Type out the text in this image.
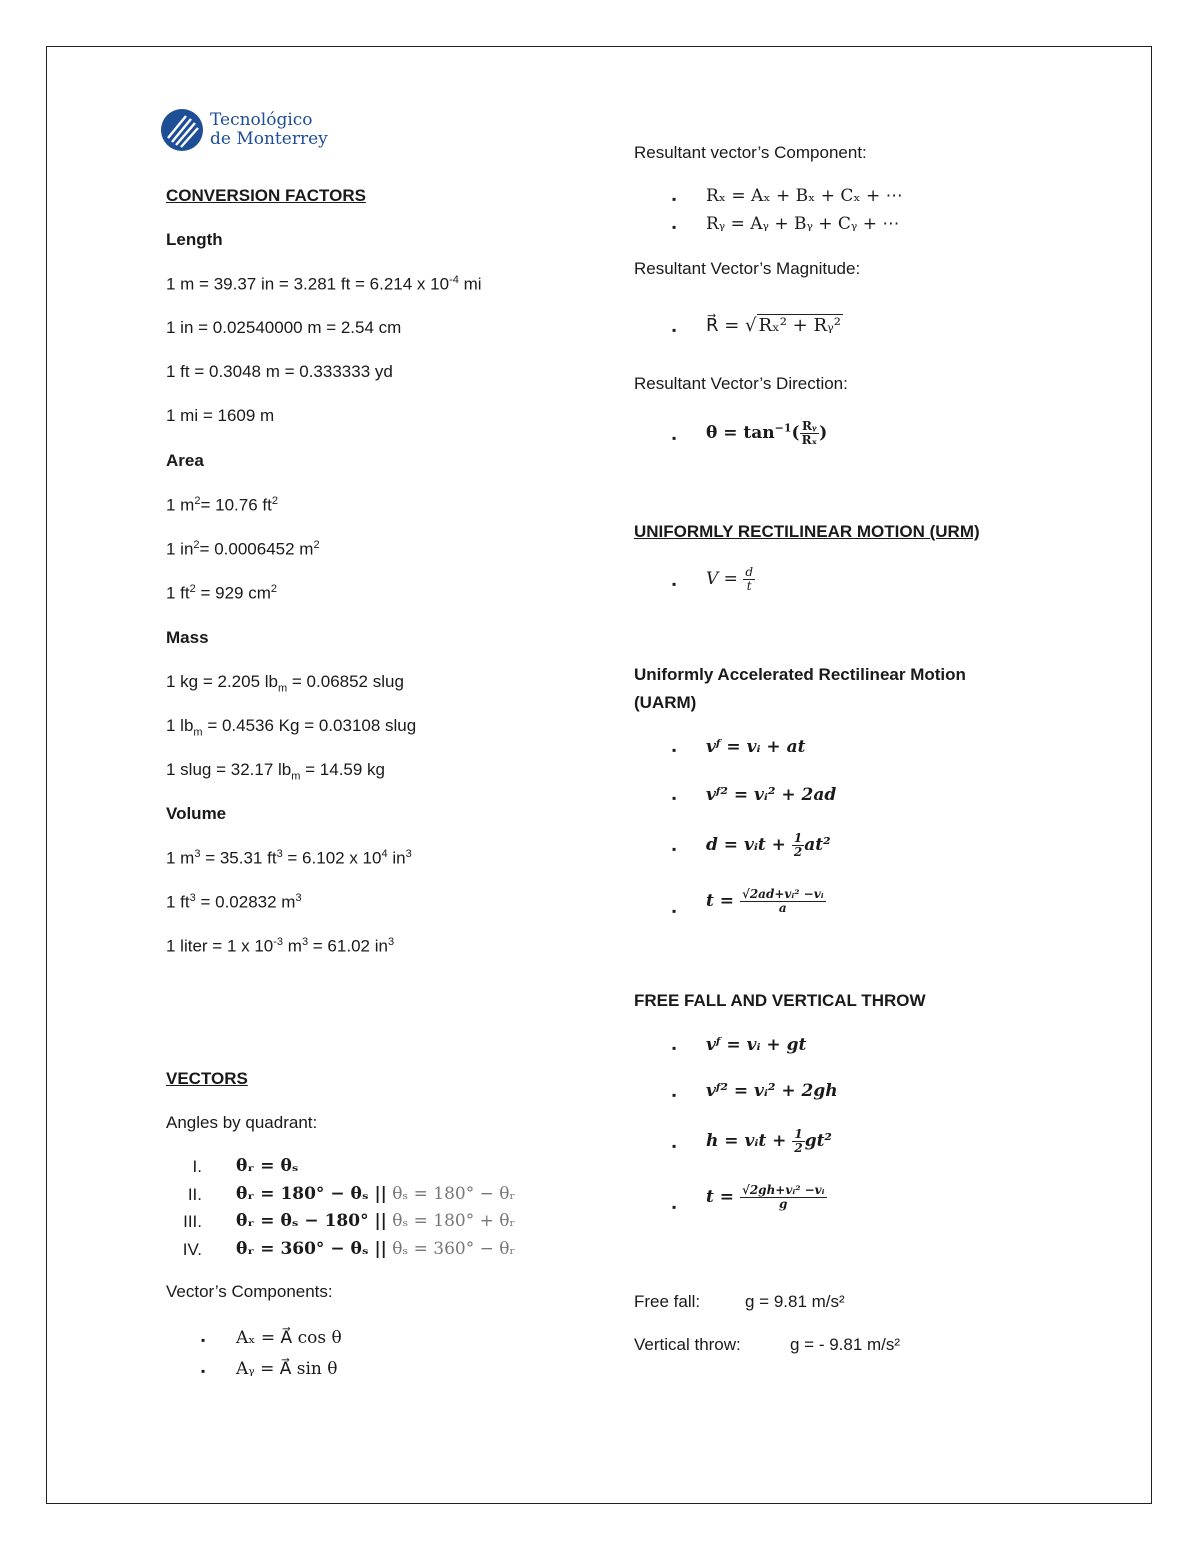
Tecnológico
de Monterrey
CONVERSION FACTORS
Length
1 m = 39.37 in = 3.281 ft = 6.214 x $10^{-4}$ mi
1 in = 0.02540000 m = 2.54 cm
1 ft = 0.3048 m = 0.333333 yd
1 mi = 1609 m
Area
1 $m^2= 10.76$ $ft^2$
1 $in^2= 0.0006452$ $m^2$
1 $ft^2 = 929$ $cm^2$
Mass
1 kg = 2.205 $lb_m = 0.06852$ slug
1 $lb_m = 0.4536$ Kg = 0.03108 slug
1 slug = 32.17 $lb_m = 14.59$ kg
Volume
1 $m^3 = 35.31$ $ft^3 = 6.102$ x $10^4$ $in^3$
1 $ft^3 = 0.02832$ $m^3$
1 liter = 1 x $10^{-3}$ $m^3 = 61.02$ $in^3$
VECTORS
Angles by quadrant:
I. θᵣ = θₛ
II. θᵣ = 180° − θₛ || θₛ = 180° − θᵣ
III. θᵣ = θₛ − 180° || θₛ = 180° + θᵣ
IV. θᵣ = 360° − θₛ || θₛ = 360° − θᵣ
Vector’s Components:
▪ Aₓ = A⃗ cos θ
▪ Aᵧ = A⃗ sin θ
Resultant vector’s Component:
▪ Rₓ = Aₓ + Bₓ + Cₓ + ⋯
▪ Rᵧ = Aᵧ + Bᵧ + Cᵧ + ⋯
Resultant Vector’s Magnitude:
▪ R⃗ = √ Rₓ² + Rᵧ²
Resultant Vector’s Direction:
▪ $\theta = \tan^{-1}( \frac{\text{Rᵧ}}{\text{Rₓ}}$ )
UNIFORMLY RECTILINEAR MOTION (URM)
▪ $V = \frac{d}{t}$
Uniformly Accelerated Rectilinear Motion
(UARM)
▪ vᶠ = vᵢ + at
▪ vᶠ² = vᵢ² + 2ad
▪ d = vᵢt + $\frac{1}{2} at^2$
▪ $t = \frac{\text{√2ad+vᵢ² −vᵢ}}{a}$
FREE FALL AND VERTICAL THROW
▪ vᶠ = vᵢ + gt
▪ vᶠ² = vᵢ² + 2gh
▪ h = vᵢt + $\frac{1}{2} gt^2$
▪ $t = \frac{\text{√2gh+vᵢ² −vᵢ}}{g}$
Free fall:	g = 9.81 m/s²
Vertical throw:	g = - 9.81 m/s²
